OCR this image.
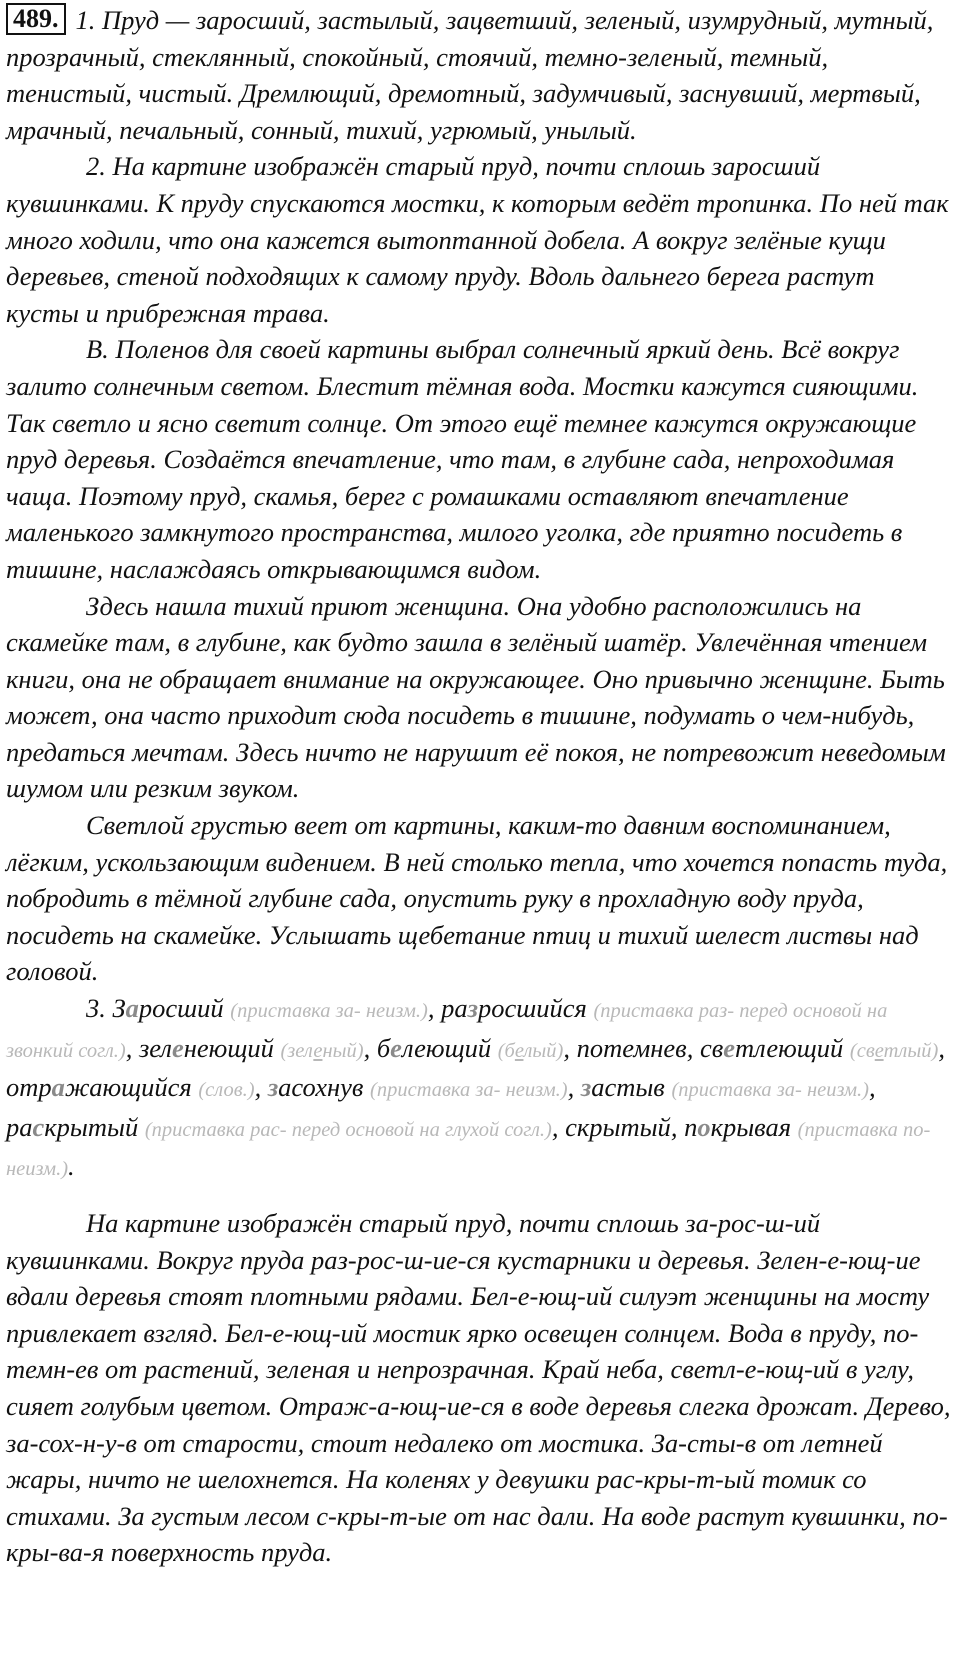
489. 1. Пруд — заросший, застылый, зацветший, зеленый, изумрудный, мутный, прозрачный, стеклянный, спокойный, стоячий, темно-зеленый, темный, тенистый, чистый. Дремлющий, дремотный, задумчивый, заснувший, мертвый, мрачный, печальный, сонный, тихий, угрюмый, унылый.

2. На картине изображён старый пруд, почти сплошь заросший кувшинками. К пруду спускаются мостки, к которым ведёт тропинка. По ней так много ходили, что она кажется вытоптанной добела. А вокруг зелёные кущи деревьев, стеной подходящих к самому пруду. Вдоль дальнего берега растут кусты и прибрежная трава.

В. Поленов для своей картины выбрал солнечный яркий день. Всё вокруг залито солнечным светом. Блестит тёмная вода. Мостки кажутся сияющими. Так светло и ясно светит солнце. От этого ещё темнее кажутся окружающие пруд деревья. Создаётся впечатление, что там, в глубине сада, непроходимая чаща. Поэтому пруд, скамья, берег с ромашками оставляют впечатление маленького замкнутого пространства, милого уголка, где приятно посидеть в тишине, наслаждаясь открывающимся видом.

Здесь нашла тихий приют женщина. Она удобно расположились на скамейке там, в глубине, как будто зашла в зелёный шатёр. Увлечённая чтением книги, она не обращает внимание на окружающее. Оно привычно женщине. Быть может, она часто приходит сюда посидеть в тишине, подумать о чем-нибудь, предаться мечтам. Здесь ничто не нарушит её покоя, не потревожит неведомым шумом или резким звуком.

Светлой грустью веет от картины, каким-то давним воспоминанием, лёгким, ускользающим видением. В ней столько тепла, что хочется попасть туда, побродить в тёмной глубине сада, опустить руку в прохладную воду пруда, посидеть на скамейке. Услышать щебетание птиц и тихий шелест листвы над головой.

3. Заросший (приставка за- неизм.), разросшийся (приставка раз- перед основой на звонкий согл.), зеленеющий (зеленый), белеющий (белый), потемнев, светлеющий (светлый), отражающийся (слов.), засохнув (приставка за- неизм.), застыв (приставка за- неизм.), раскрытый (приставка рас- перед основой на глухой согл.), скрытый, покрывая (приставка по- неизм.).

На картине изображён старый пруд, почти сплошь за-рос-ш-ий кувшинками. Вокруг пруда раз-рос-ш-ие-ся кустарники и деревья. Зелен-е-ющ-ие вдали деревья стоят плотными рядами. Бел-е-ющ-ий силуэт женщины на мосту привлекает взгляд. Бел-е-ющ-ий мостик ярко освещен солнцем. Вода в пруду, по-темн-ев от растений, зеленая и непрозрачная. Край неба, светл-е-ющ-ий в углу, сияет голубым цветом. Отраж-а-ющ-ие-ся в воде деревья слегка дрожат. Дерево, за-сох-н-у-в от старости, стоит недалеко от мостика. За-сты-в от летней жары, ничто не шелохнется. На коленях у девушки рас-кры-т-ый томик со стихами. За густым лесом с-кры-т-ые от нас дали. На воде растут кувшинки, по-кры-ва-я поверхность пруда.
